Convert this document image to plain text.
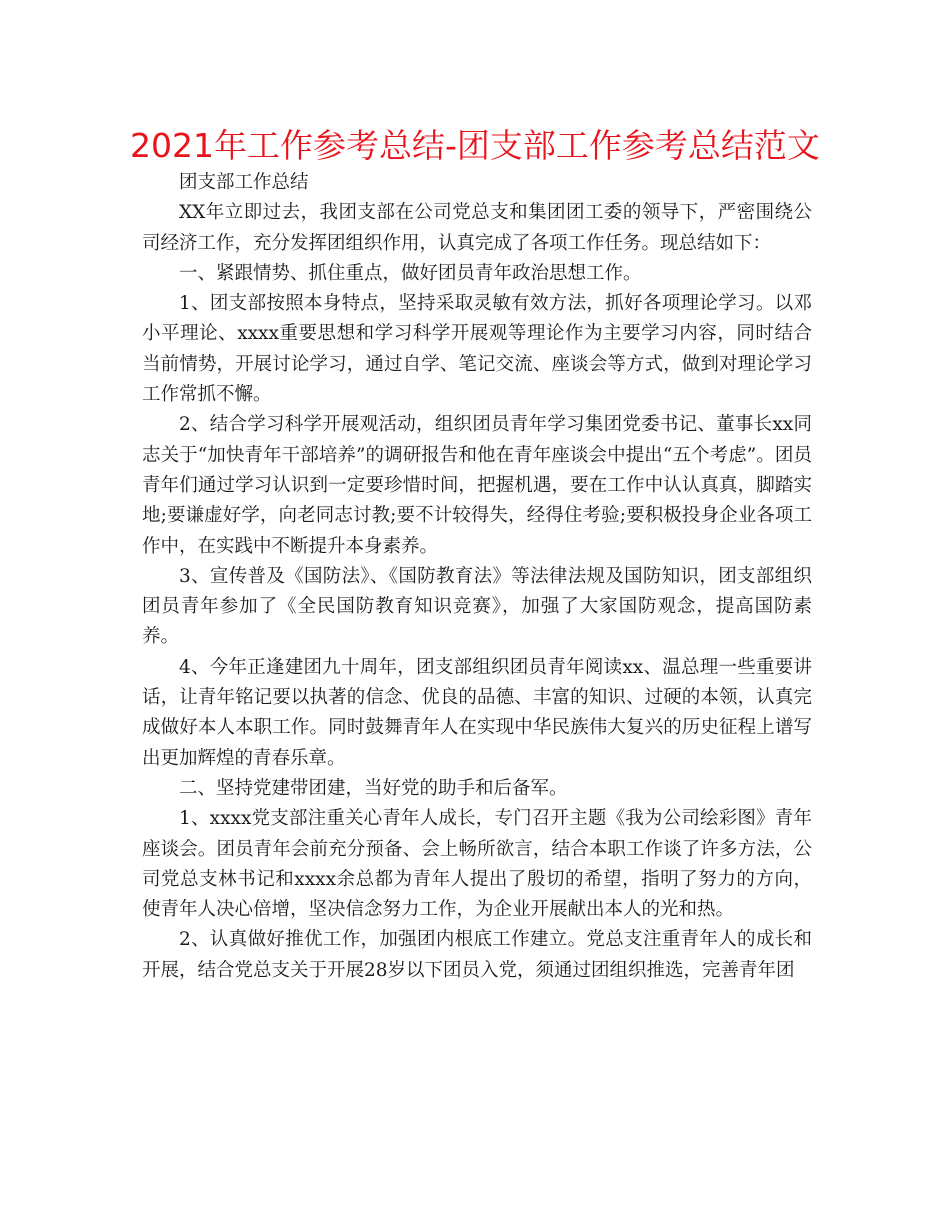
2021年工作参考总结-团支部工作参考总结范文

团支部工作总结

XX年立即过去，我团支部在公司党总支和集团团工委的领导下，严密围绕公司经济工作，充分发挥团组织作用，认真完成了各项工作任务。现总结如下：

一、紧跟情势、抓住重点，做好团员青年政治思想工作。

1、团支部按照本身特点，坚持采取灵敏有效方法，抓好各项理论学习。以邓小平理论、xxxx重要思想和学习科学开展观等理论作为主要学习内容，同时结合当前情势，开展讨论学习，通过自学、笔记交流、座谈会等方式，做到对理论学习工作常抓不懈。

2、结合学习科学开展观活动，组织团员青年学习集团党委书记、董事长xx同志关于“加快青年干部培养”的调研报告和他在青年座谈会中提出“五个考虑”。团员青年们通过学习认识到一定要珍惜时间，把握机遇，要在工作中认认真真，脚踏实地;要谦虚好学，向老同志讨教;要不计较得失，经得住考验;要积极投身企业各项工作中，在实践中不断提升本身素养。

3、宣传普及《国防法》、《国防教育法》等法律法规及国防知识，团支部组织团员青年参加了《全民国防教育知识竞赛》，加强了大家国防观念，提高国防素养。

4、今年正逢建团九十周年，团支部组织团员青年阅读xx、温总理一些重要讲话，让青年铭记要以执著的信念、优良的品德、丰富的知识、过硬的本领，认真完成做好本人本职工作。同时鼓舞青年人在实现中华民族伟大复兴的历史征程上谱写出更加辉煌的青春乐章。

二、坚持党建带团建，当好党的助手和后备军。

1、xxxx党支部注重关心青年人成长，专门召开主题《我为公司绘彩图》青年座谈会。团员青年会前充分预备、会上畅所欲言，结合本职工作谈了许多方法，公司党总支林书记和xxxx余总都为青年人提出了殷切的希望，指明了努力的方向，使青年人决心倍增，坚决信念努力工作，为企业开展献出本人的光和热。

2、认真做好推优工作，加强团内根底工作建立。党总支注重青年人的成长和开展，结合党总支关于开展28岁以下团员入党，须通过团组织推选，完善青年团
